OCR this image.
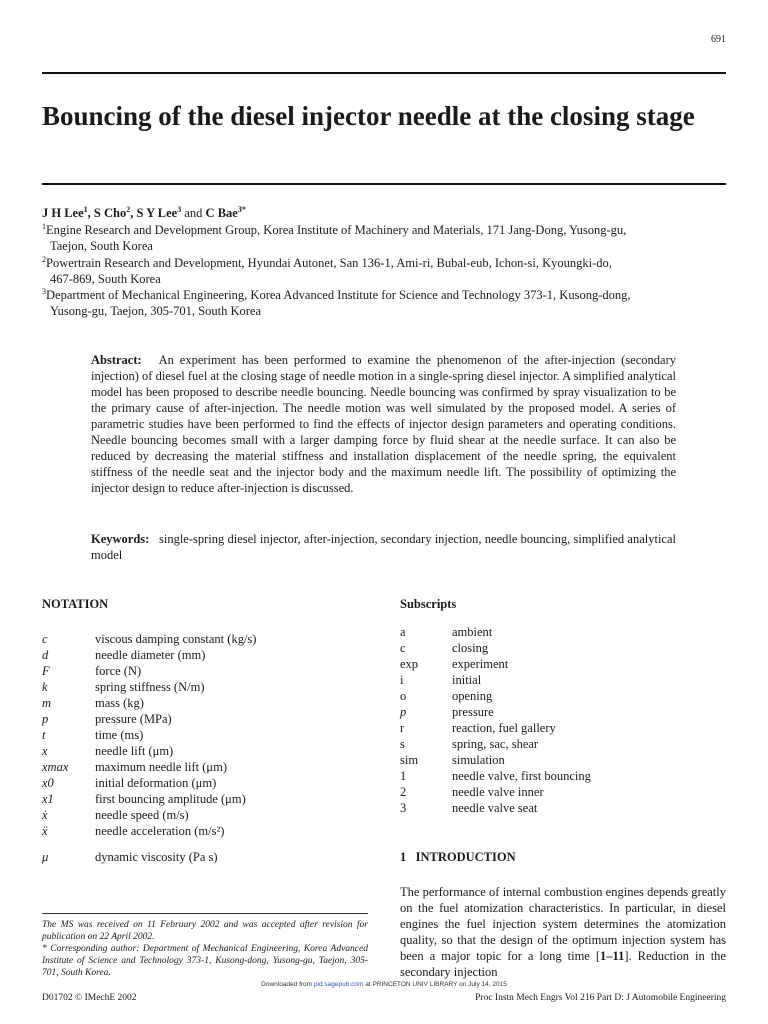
691
Bouncing of the diesel injector needle at the closing stage
J H Lee$^1$, S Cho$^2$, S Y Lee$^3$ and C Bae$^{3*}$
$^1$Engine Research and Development Group, Korea Institute of Machinery and Materials, 171 Jang-Dong, Yusong-gu,
Taejon, South Korea
$^2$Powertrain Research and Development, Hyundai Autonet, San 136-1, Ami-ri, Bubal-eub, Ichon-si, Kyoungki-do,
467-869, South Korea
$^3$Department of Mechanical Engineering, Korea Advanced Institute for Science and Technology 373-1, Kusong-dong,
Yusong-gu, Taejon, 305-701, South Korea
Abstract: An experiment has been performed to examine the phenomenon of the after-injection (secondary injection) of diesel fuel at the closing stage of needle motion in a single-spring diesel injector. A simplified analytical model has been proposed to describe needle bouncing. Needle bouncing was confirmed by spray visualization to be the primary cause of after-injection. The needle motion was well simulated by the proposed model. A series of parametric studies have been performed to find the effects of injector design parameters and operating conditions. Needle bouncing becomes small with a larger damping force by fluid shear at the needle surface. It can also be reduced by decreasing the material stiffness and installation displacement of the needle spring, the equivalent stiffness of the needle seat and the injector body and the maximum needle lift. The possibility of optimizing the injector design to reduce after-injection is discussed.
Keywords: single-spring diesel injector, after-injection, secondary injection, needle bouncing, simplified analytical model
NOTATION
c	viscous damping constant (kg/s)
d	needle diameter (mm)
F	force (N)
k	spring stiffness (N/m)
m	mass (kg)
p	pressure (MPa)
t	time (ms)
x	needle lift (μm)
xmax maximum needle lift (μm)
x0	initial deformation (μm)
x1	first bouncing amplitude (μm)
ẋ	needle speed (m/s)
ẍ	needle acceleration (m/s²)
μ	dynamic viscosity (Pa s)
Subscripts
a	ambient
c	closing
exp	experiment
i	initial
o	opening
p	pressure
r	reaction, fuel gallery
s	spring, sac, shear
sim	simulation
1	needle valve, first bouncing
2	needle valve inner
3	needle valve seat
1   INTRODUCTION
The performance of internal combustion engines depends greatly on the fuel atomization characteristics. In particular, in diesel engines the fuel injection system determines the atomization quality, so that the design of the optimum injection system has been a major topic for a long time [1–11]. Reduction in the secondary injection
The MS was received on 11 February 2002 and was accepted after revision for publication on 22 April 2002.
* Corresponding author: Department of Mechanical Engineering, Korea Advanced Institute of Science and Technology 373-1, Kusong-dong, Yusong-gu, Taejon, 305-701, South Korea.
Downloaded from pid.sagepub.com at PRINCETON UNIV LIBRARY on July 14, 2015
D01702 © IMechE 2002	Proc Instn Mech Engrs Vol 216 Part D: J Automobile Engineering
